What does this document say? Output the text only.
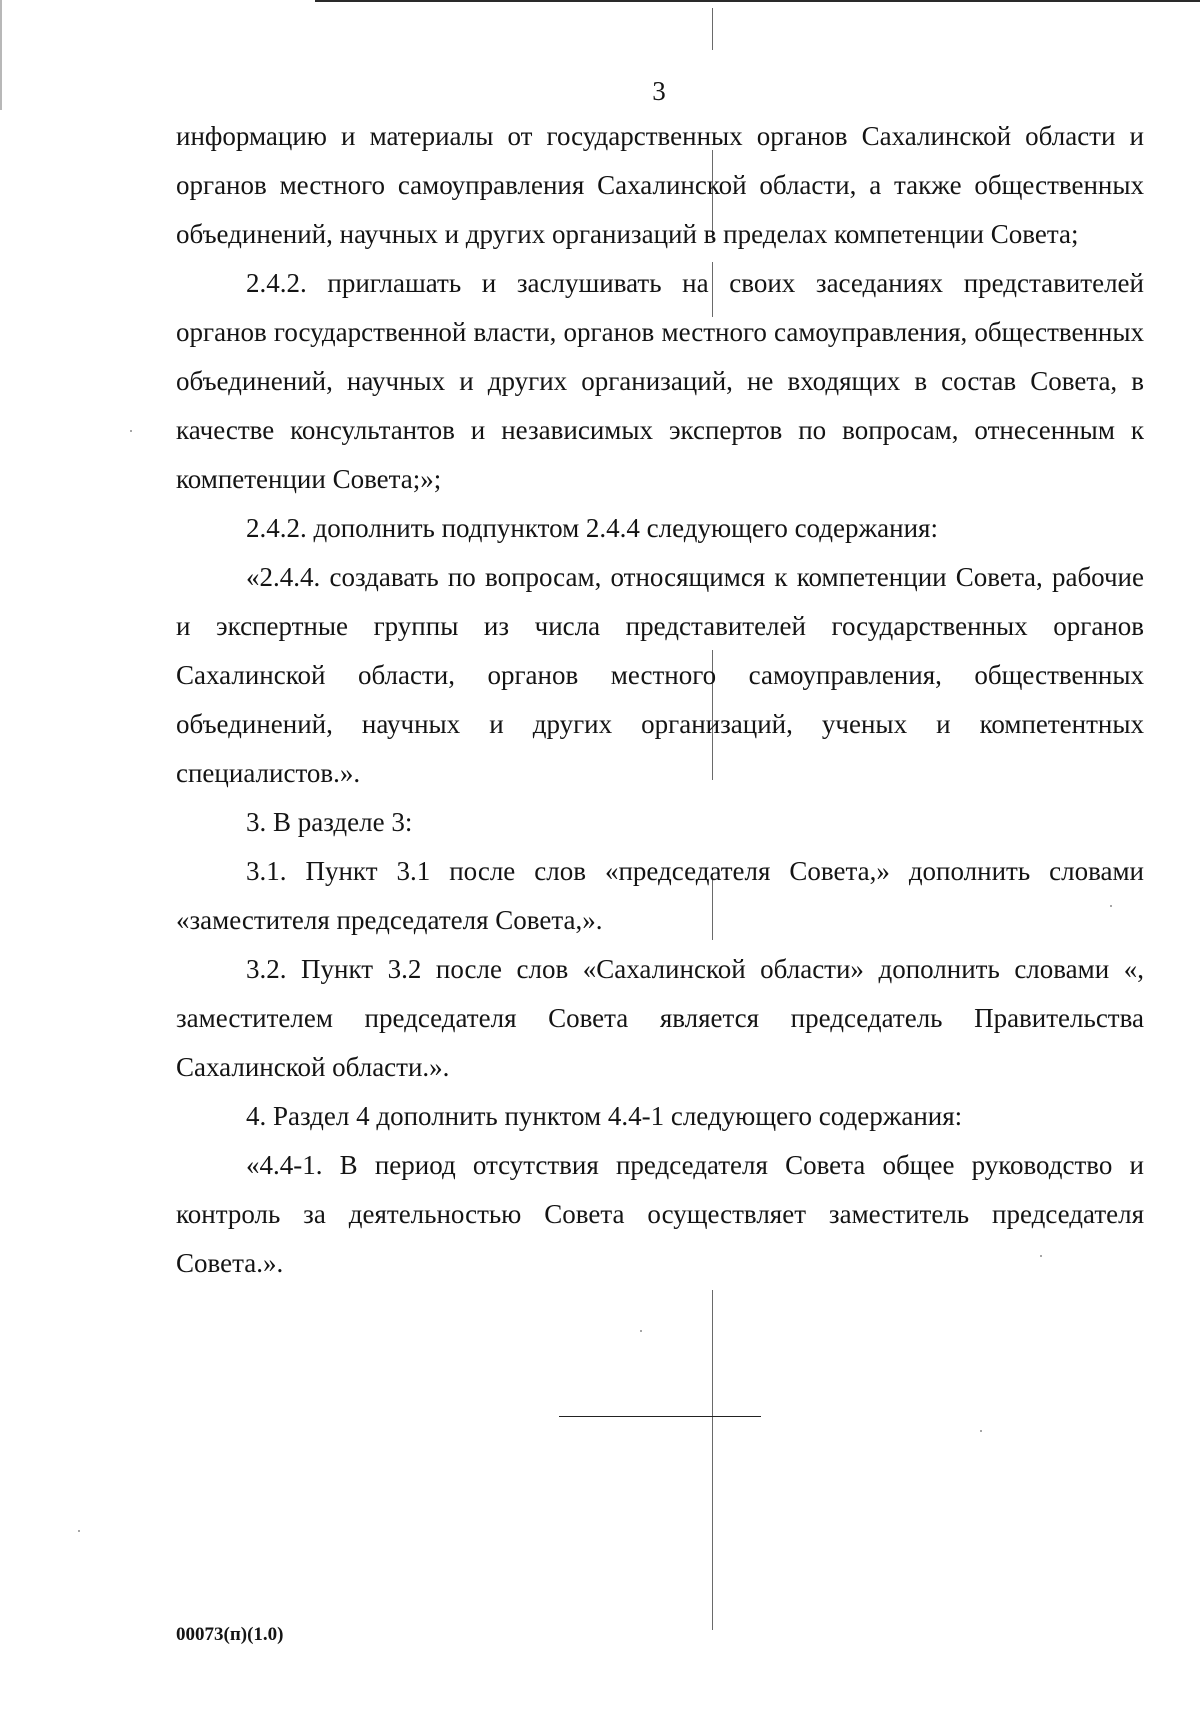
3

информацию и материалы от государственных органов Сахалинской области и органов местного самоуправления Сахалинской области, а также общественных объединений, научных и других организаций в пределах компетенции Совета;

2.4.2. приглашать и заслушивать на своих заседаниях представителей органов государственной власти, органов местного самоуправления, общественных объединений, научных и других организаций, не входящих в состав Совета, в качестве консультантов и независимых экспертов по вопросам, отнесенным к компетенции Совета;»;

2.4.2. дополнить подпунктом 2.4.4 следующего содержания:

«2.4.4. создавать по вопросам, относящимся к компетенции Совета, рабочие и экспертные группы из числа представителей государственных органов Сахалинской области, органов местного самоуправления, общественных объединений, научных и других организаций, ученых и компетентных специалистов.».

3. В разделе 3:

3.1. Пункт 3.1 после слов «председателя Совета,» дополнить словами «заместителя председателя Совета,».

3.2. Пункт 3.2 после слов «Сахалинской области» дополнить словами «, заместителем председателя Совета является председатель Правительства Сахалинской области.».

4. Раздел 4 дополнить пунктом 4.4-1 следующего содержания:

«4.4-1. В период отсутствия председателя Совета общее руководство и контроль за деятельностью Совета осуществляет заместитель председателя Совета.».

00073(п)(1.0)
